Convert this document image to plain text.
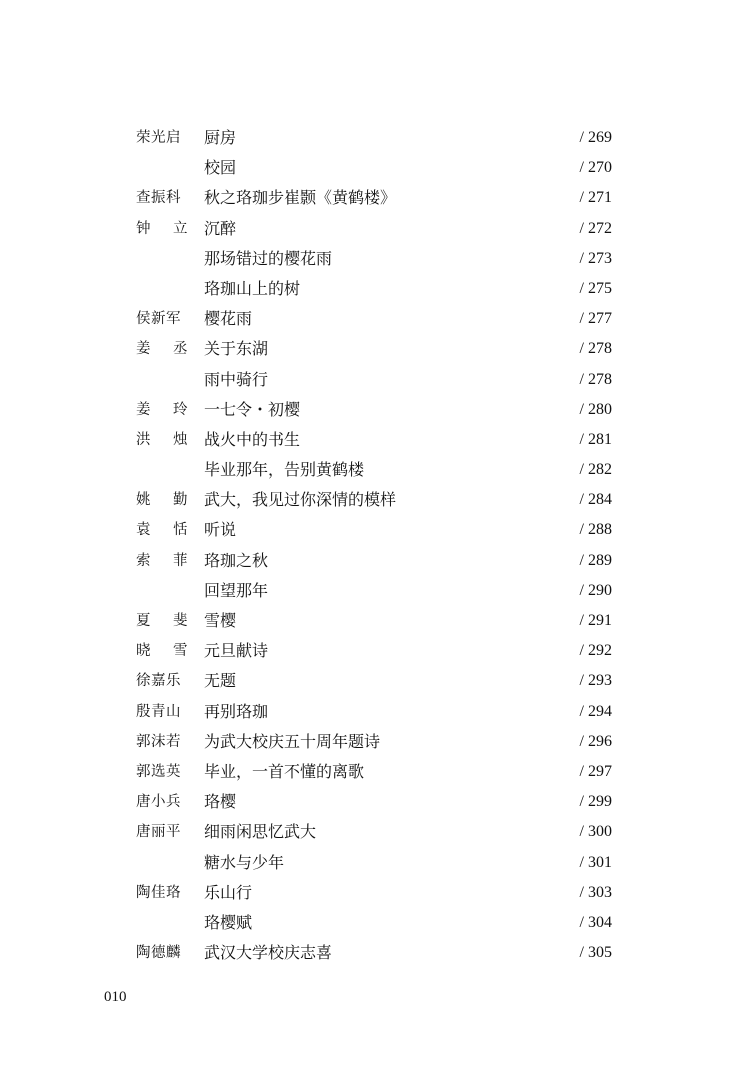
荣光启	厨房	/ 269
校园	/ 270
查振科	秋之珞珈步崔颢《黄鹤楼》	/ 271
钟 立 沉醉	/ 272
那场错过的樱花雨	/ 273
珞珈山上的树	/ 275
侯新军	樱花雨	/ 277
姜 丞 关于东湖	/ 278
雨中骑行	/ 278
姜 玲 一七令・初樱	/ 280
洪 烛 战火中的书生	/ 281
毕业那年，告别黄鹤楼	/ 282
姚 勤 武大，我见过你深情的模样	/ 284
袁 恬 听说	/ 288
索 菲 珞珈之秋	/ 289
回望那年	/ 290
夏 斐 雪樱	/ 291
晓 雪 元旦献诗	/ 292
徐嘉乐	无题	/ 293
殷青山	再别珞珈	/ 294
郭沫若	为武大校庆五十周年题诗	/ 296
郭选英	毕业，一首不懂的离歌	/ 297
唐小兵	珞樱	/ 299
唐丽平	细雨闲思忆武大	/ 300
糖水与少年	/ 301
陶佳珞	乐山行	/ 303
珞樱赋	/ 304
陶德麟	武汉大学校庆志喜	/ 305
010
